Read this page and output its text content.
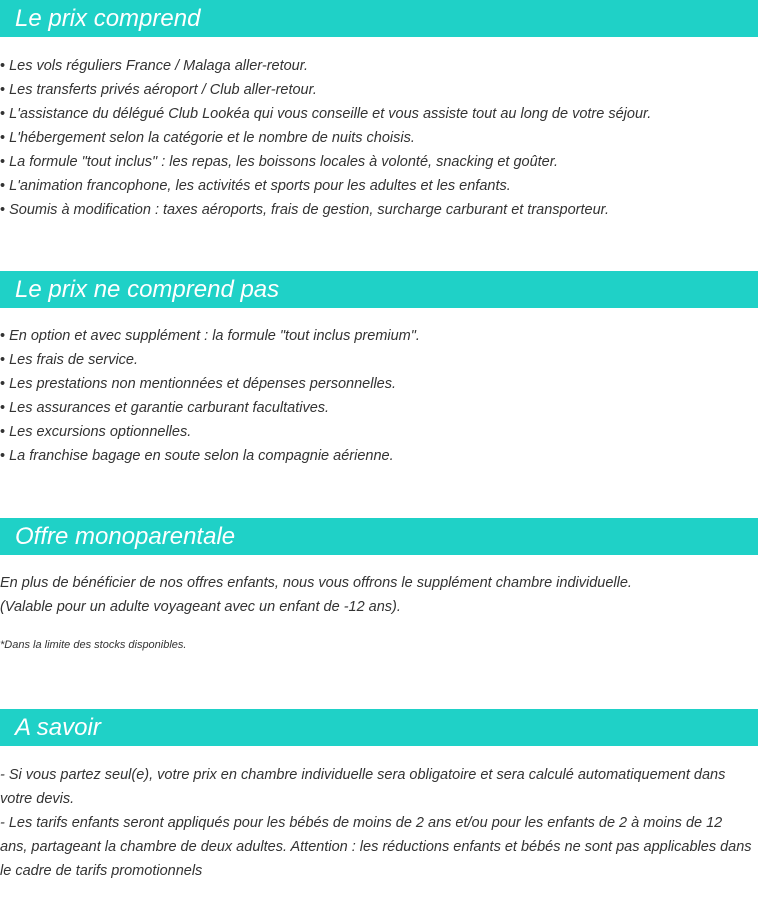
Le prix comprend
• Les vols réguliers France / Malaga aller-retour.
• Les transferts privés aéroport / Club aller-retour.
• L'assistance du délégué Club Lookéa qui vous conseille et vous assiste tout au long de votre séjour.
• L'hébergement selon la catégorie et le nombre de nuits choisis.
• La formule "tout inclus" : les repas, les boissons locales à volonté, snacking et goûter.
• L'animation francophone, les activités et sports pour les adultes et les enfants.
• Soumis à modification : taxes aéroports, frais de gestion, surcharge carburant et transporteur.
Le prix ne comprend pas
• En option et avec supplément : la formule "tout inclus premium".
• Les frais de service.
• Les prestations non mentionnées et dépenses personnelles.
• Les assurances et garantie carburant facultatives.
• Les excursions optionnelles.
• La franchise bagage en soute selon la compagnie aérienne.
Offre monoparentale

En plus de bénéficier de nos offres enfants, nous vous offrons le supplément chambre individuelle.

(Valable pour un adulte voyageant avec un enfant de -12 ans).

*Dans la limite des stocks disponibles.

A savoir

- Si vous partez seul(e), votre prix en chambre individuelle sera obligatoire et sera calculé automatiquement dans votre devis.

- Les tarifs enfants seront appliqués pour les bébés de moins de 2 ans et/ou pour les enfants de 2 à moins de 12 ans, partageant la chambre de deux adultes. Attention : les réductions enfants et bébés ne sont pas applicables dans le cadre de tarifs promotionnels
